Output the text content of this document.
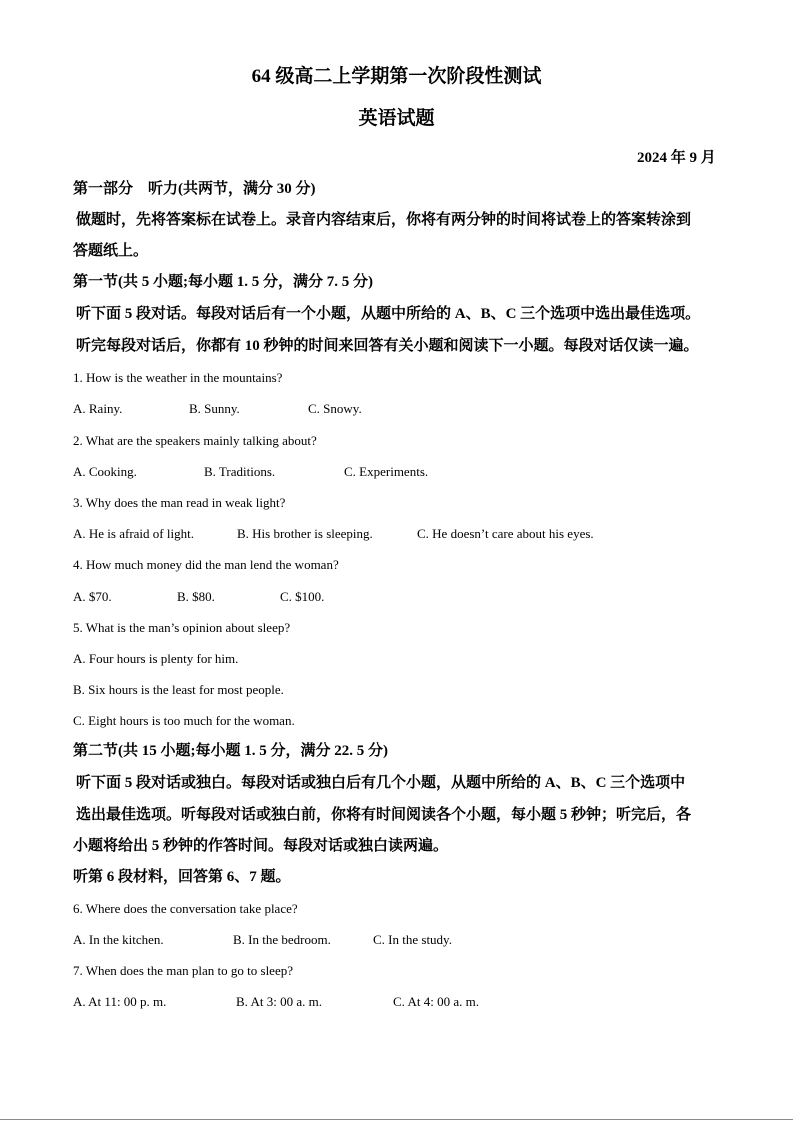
64 级高二上学期第一次阶段性测试
英语试题
2024 年 9 月
第一部分　听力(共两节，满分 30 分)
做题时，先将答案标在试卷上。录音内容结束后，你将有两分钟的时间将试卷上的答案转涂到
答题纸上。
第一节(共 5 小题;每小题 1. 5 分，满分 7. 5 分)
听下面 5 段对话。每段对话后有一个小题，从题中所给的 A、B、C 三个选项中选出最佳选项。
听完每段对话后，你都有 10 秒钟的时间来回答有关小题和阅读下一小题。每段对话仅读一遍。
1. How is the weather in the mountains?
A. Rainy.	B. Sunny.	C. Snowy.
2. What are the speakers mainly talking about?
A. Cooking.	B. Traditions.	C. Experiments.
3. Why does the man read in weak light?
A. He is afraid of light.	B. His brother is sleeping.	C. He doesn’t care about his eyes.
4. How much money did the man lend the woman?
A. $70.	B. $80.	C. $100.
5. What is the man’s opinion about sleep?
A. Four hours is plenty for him.
B. Six hours is the least for most people.
C. Eight hours is too much for the woman.
第二节(共 15 小题;每小题 1. 5 分，满分 22. 5 分)
听下面 5 段对话或独白。每段对话或独白后有几个小题，从题中所给的 A、B、C 三个选项中
选出最佳选项。听每段对话或独白前，你将有时间阅读各个小题，每小题 5 秒钟；听完后，各
小题将给出 5 秒钟的作答时间。每段对话或独白读两遍。
听第 6 段材料，回答第 6、7 题。
6. Where does the conversation take place?
A. In the kitchen.	B. In the bedroom.	C. In the study.
7. When does the man plan to go to sleep?
A. At 11: 00 p. m.	B. At 3: 00 a. m.	C. At 4: 00 a. m.
